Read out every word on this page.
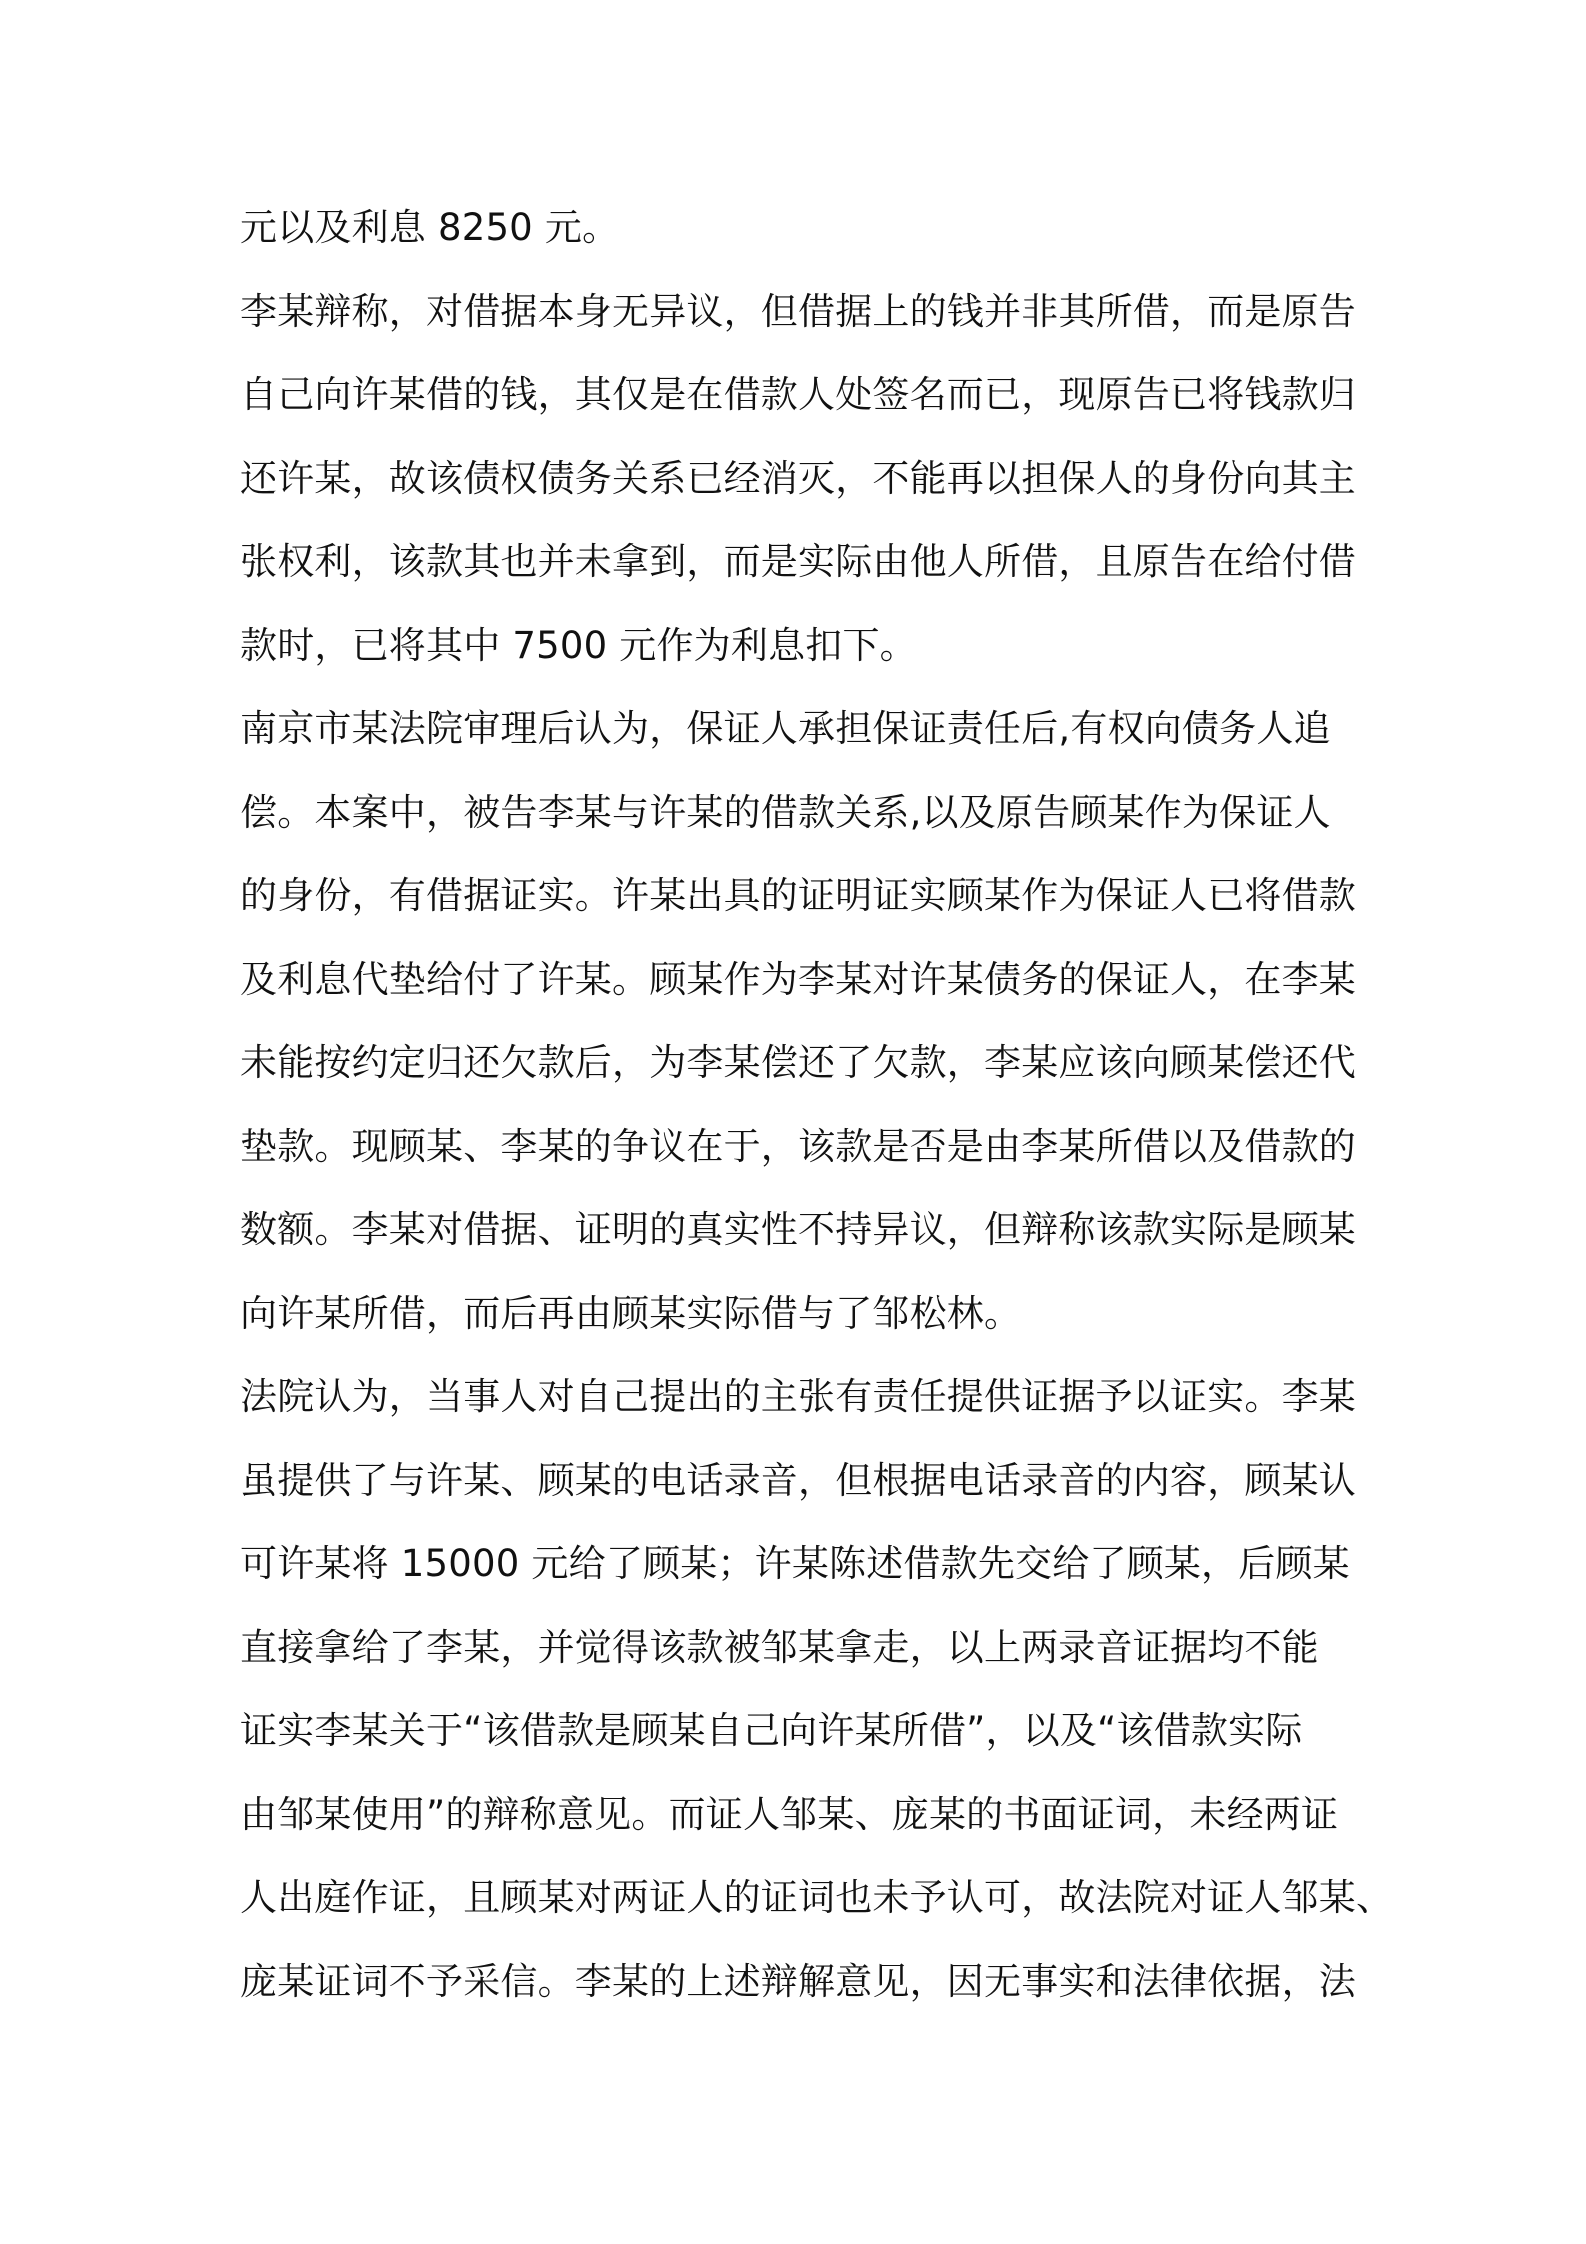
元以及利息 8250 元。
李某辩称，对借据本身无异议，但借据上的钱并非其所借，而是原告
自己向许某借的钱，其仅是在借款人处签名而已，现原告已将钱款归
还许某，故该债权债务关系已经消灭，不能再以担保人的身份向其主
张权利，该款其也并未拿到，而是实际由他人所借，且原告在给付借
款时，已将其中 7500 元作为利息扣下。
南京市某法院审理后认为，保证人承担保证责任后,有权向债务人追
偿。本案中，被告李某与许某的借款关系,以及原告顾某作为保证人
的身份，有借据证实。许某出具的证明证实顾某作为保证人已将借款
及利息代垫给付了许某。顾某作为李某对许某债务的保证人，在李某
未能按约定归还欠款后，为李某偿还了欠款，李某应该向顾某偿还代
垫款。现顾某、李某的争议在于，该款是否是由李某所借以及借款的
数额。李某对借据、证明的真实性不持异议，但辩称该款实际是顾某
向许某所借，而后再由顾某实际借与了邹松林。
法院认为，当事人对自己提出的主张有责任提供证据予以证实。李某
虽提供了与许某、顾某的电话录音，但根据电话录音的内容，顾某认
可许某将 15000 元给了顾某；许某陈述借款先交给了顾某，后顾某
直接拿给了李某，并觉得该款被邹某拿走，以上两录音证据均不能
证实李某关于“该借款是顾某自己向许某所借”，以及“该借款实际
由邹某使用”的辩称意见。而证人邹某、庞某的书面证词，未经两证
人出庭作证，且顾某对两证人的证词也未予认可，故法院对证人邹某、
庞某证词不予采信。李某的上述辩解意见，因无事实和法律依据，法
